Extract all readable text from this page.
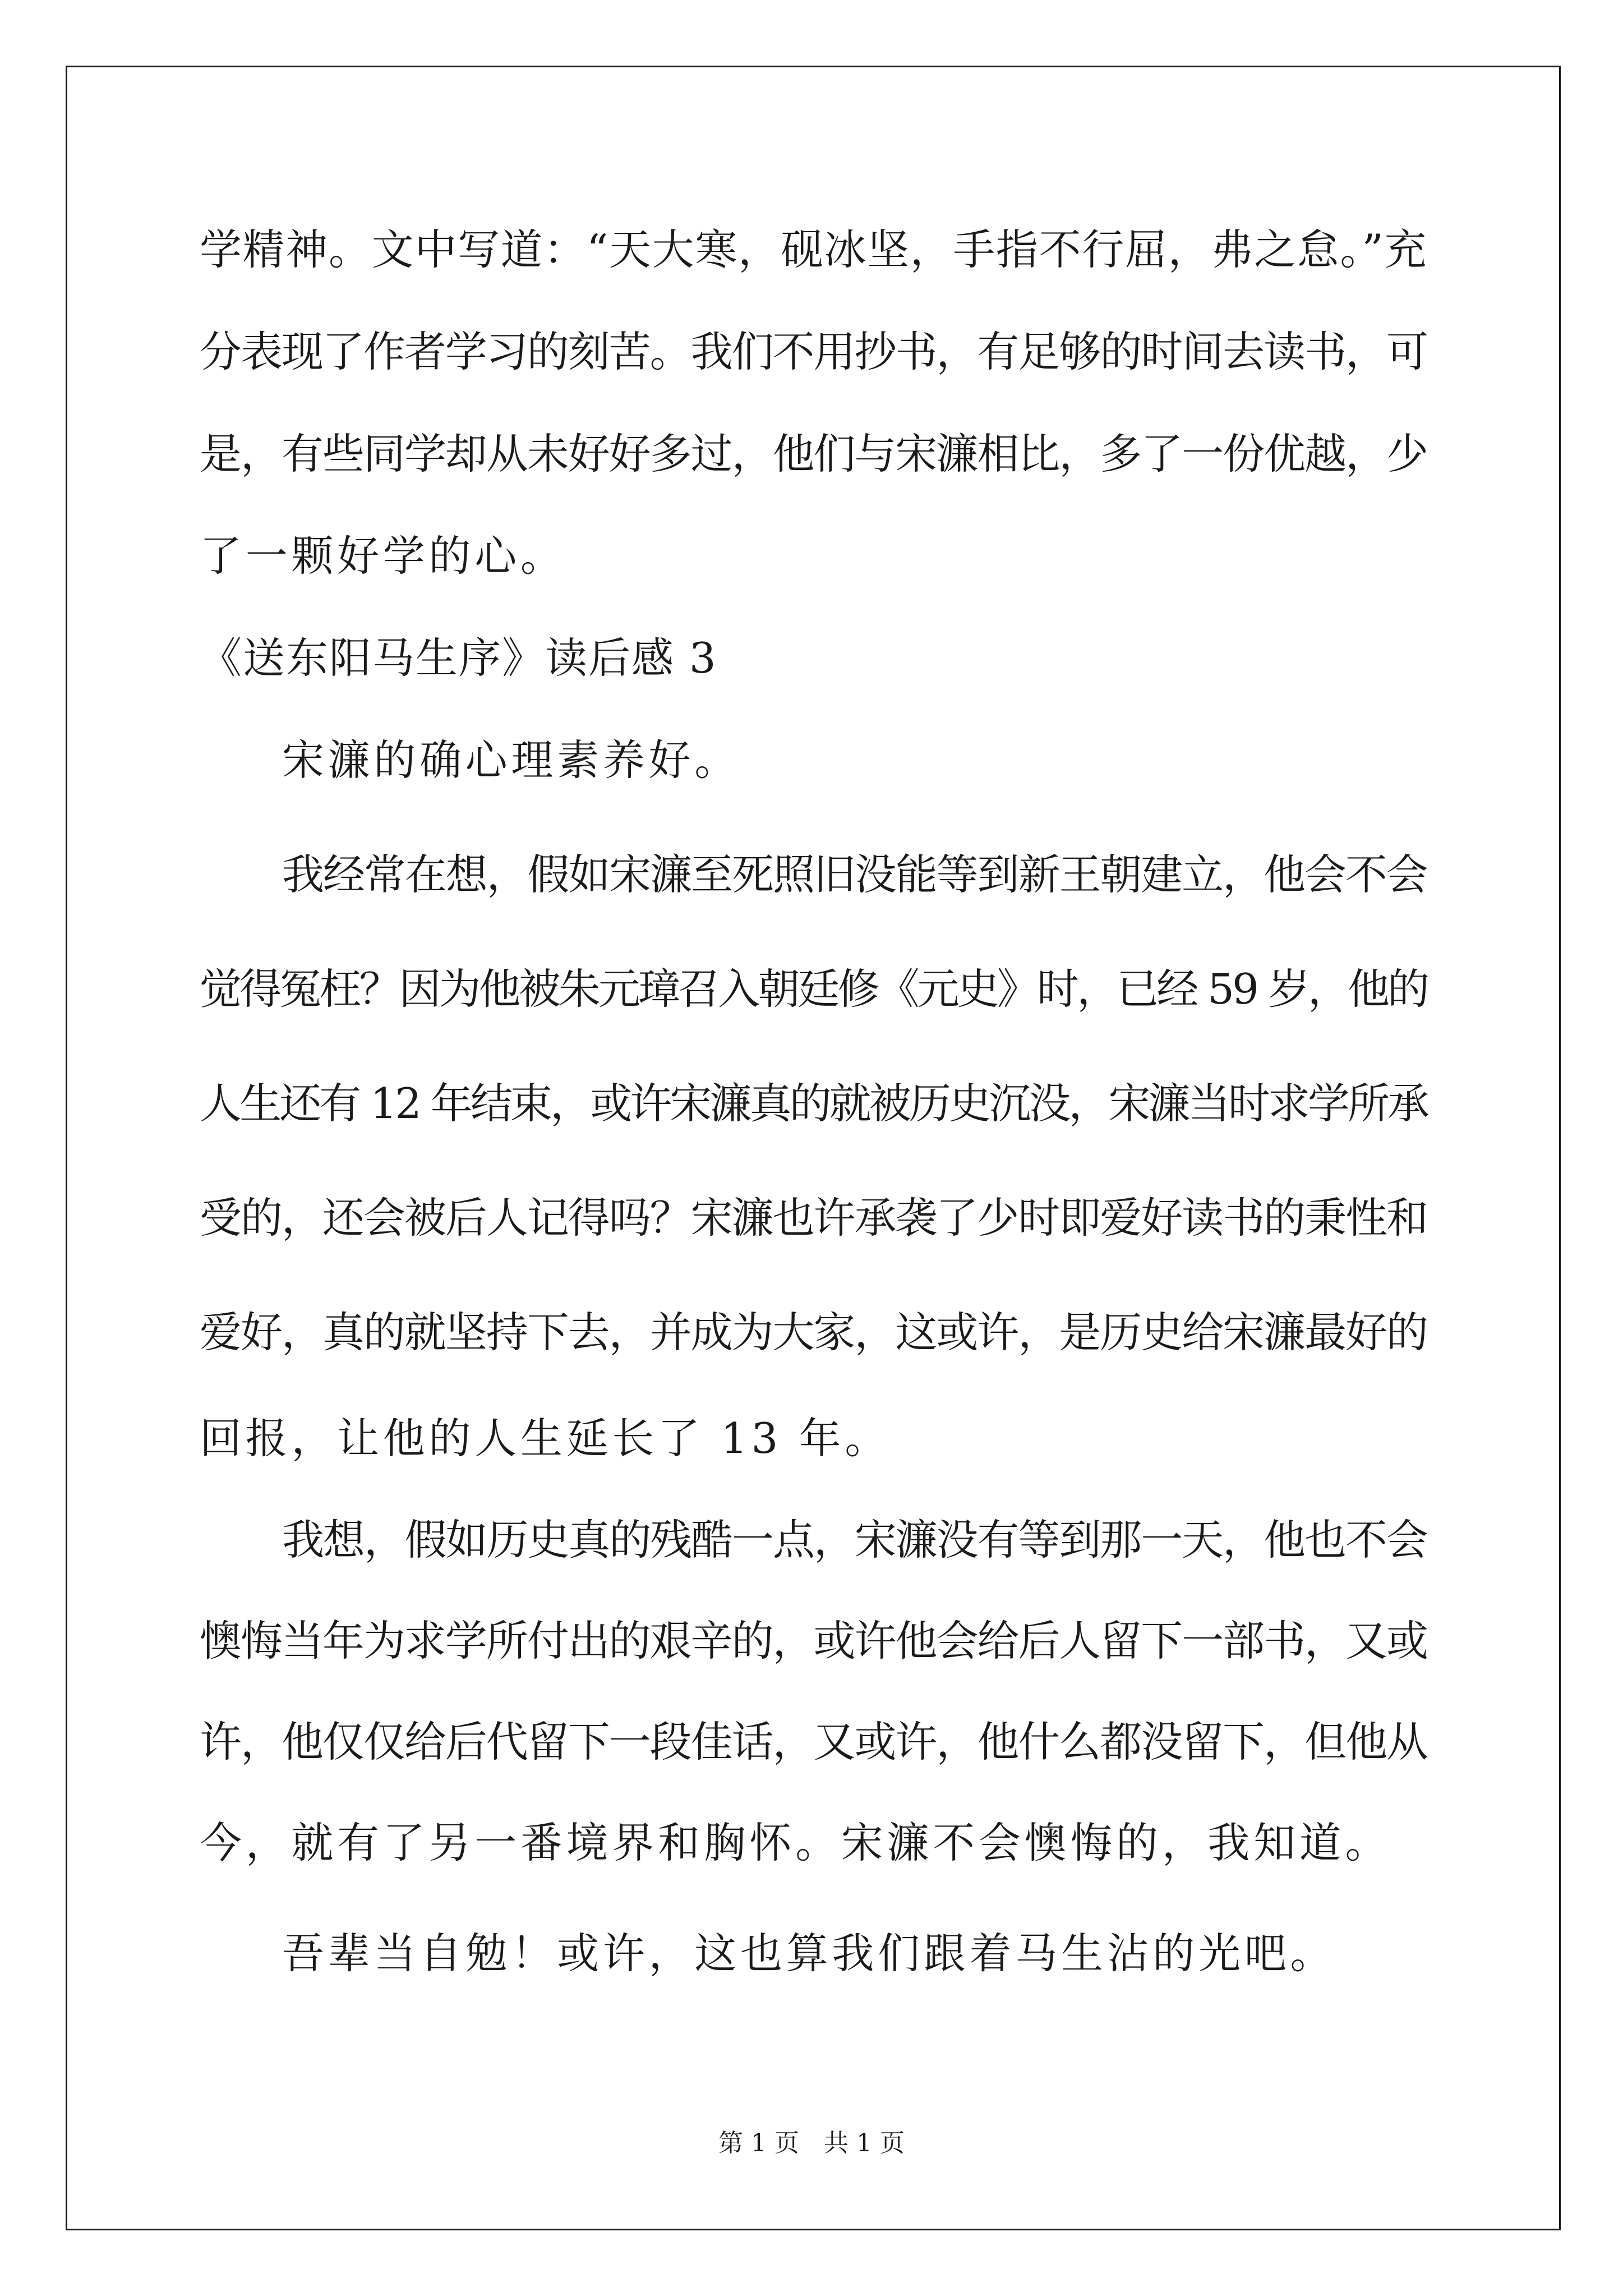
学精神。文中写道：“天大寒，砚冰坚，手指不行屈，弗之怠。”充
分表现了作者学习的刻苦。我们不用抄书，有足够的时间去读书，可
是，有些同学却从未好好多过，他们与宋濂相比，多了一份优越，少
了一颗好学的心。
《送东阳马生序》读后感 3
宋濂的确心理素养好。
我经常在想，假如宋濂至死照旧没能等到新王朝建立，他会不会
觉得冤枉？因为他被朱元璋召入朝廷修《元史》时，已经 59 岁，他的
人生还有 12 年结束，或许宋濂真的就被历史沉没，宋濂当时求学所承
受的，还会被后人记得吗？宋濂也许承袭了少时即爱好读书的秉性和
爱好，真的就坚持下去，并成为大家，这或许，是历史给宋濂最好的
回报，让他的人生延长了 13 年。
我想，假如历史真的残酷一点，宋濂没有等到那一天，他也不会
懊悔当年为求学所付出的艰辛的，或许他会给后人留下一部书，又或
许，他仅仅给后代留下一段佳话，又或许，他什么都没留下，但他从
今，就有了另一番境界和胸怀。宋濂不会懊悔的，我知道。
吾辈当自勉！或许，这也算我们跟着马生沾的光吧。
第 1 页　共 1 页
